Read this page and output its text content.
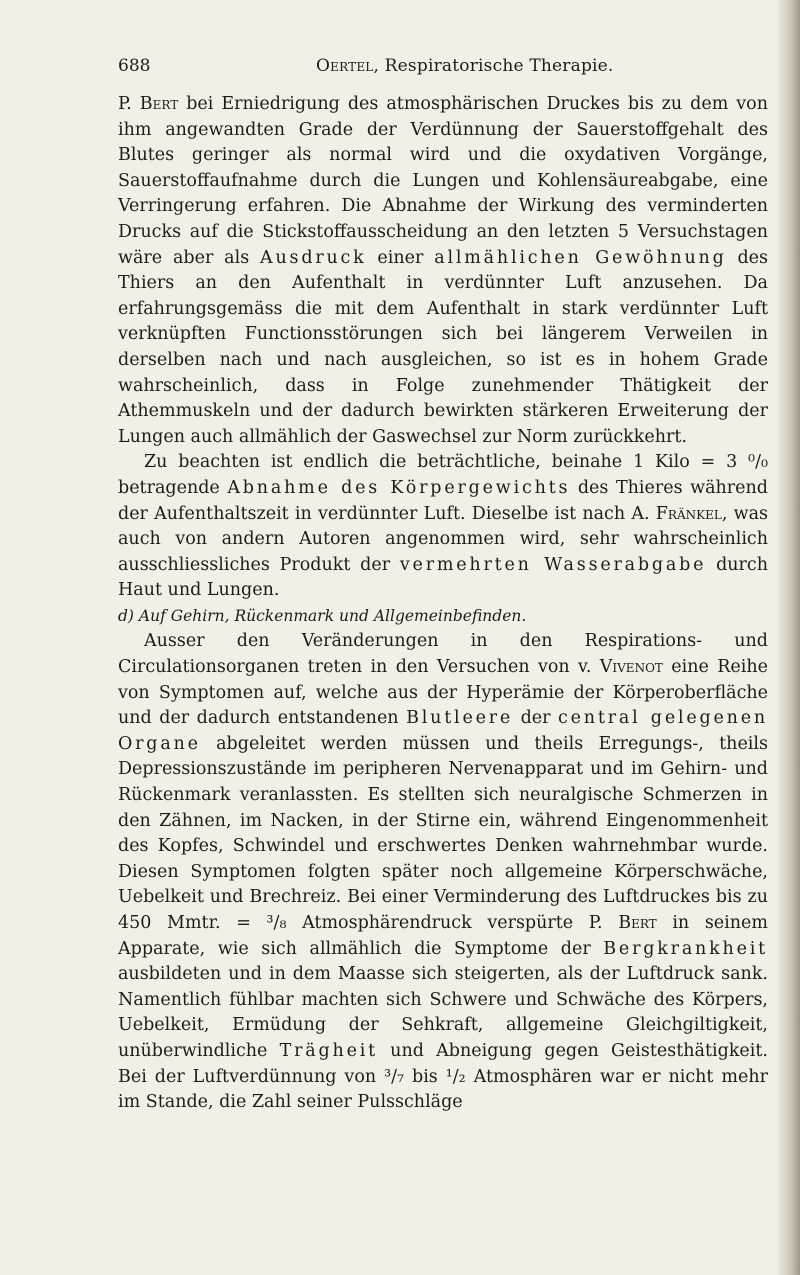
688	Oertel, Respiratorische Therapie.

P. Bert bei Erniedrigung des atmosphärischen Druckes bis zu dem von ihm angewandten Grade der Verdünnung der Sauerstoffgehalt des Blutes geringer als normal wird und die oxydativen Vorgänge, Sauerstoffaufnahme durch die Lungen und Kohlensäureabgabe, eine Verringerung erfahren. Die Abnahme der Wirkung des verminderten Drucks auf die Stickstoffausscheidung an den letzten 5 Versuchstagen wäre aber als Ausdruck einer allmählichen Gewöhnung des Thiers an den Aufenthalt in verdünnter Luft anzusehen. Da erfahrungsgemäss die mit dem Aufenthalt in stark verdünnter Luft verknüpften Functionsstörungen sich bei längerem Verweilen in derselben nach und nach ausgleichen, so ist es in hohem Grade wahrscheinlich, dass in Folge zunehmender Thätigkeit der Athemmuskeln und der dadurch bewirkten stärkeren Erweiterung der Lungen auch allmählich der Gaswechsel zur Norm zurückkehrt.

Zu beachten ist endlich die beträchtliche, beinahe 1 Kilo = 3 ⁰/₀ betragende Abnahme des Körpergewichts des Thieres während der Aufenthaltszeit in verdünnter Luft. Dieselbe ist nach A. Fränkel, was auch von andern Autoren angenommen wird, sehr wahrscheinlich ausschliessliches Produkt der vermehrten Wasserabgabe durch Haut und Lungen.

d) Auf Gehirn, Rückenmark und Allgemeinbefinden.

Ausser den Veränderungen in den Respirations- und Circulationsorganen treten in den Versuchen von v. Vivenot eine Reihe von Symptomen auf, welche aus der Hyperämie der Körperoberfläche und der dadurch entstandenen Blutleere der central gelegenen Organe abgeleitet werden müssen und theils Erregungs-, theils Depressionszustände im peripheren Nervenapparat und im Gehirn- und Rückenmark veranlassten. Es stellten sich neuralgische Schmerzen in den Zähnen, im Nacken, in der Stirne ein, während Eingenommenheit des Kopfes, Schwindel und erschwertes Denken wahrnehmbar wurde. Diesen Symptomen folgten später noch allgemeine Körperschwäche, Uebelkeit und Brechreiz. Bei einer Verminderung des Luftdruckes bis zu 450 Mmtr. = ³/₈ Atmosphärendruck verspürte P. Bert in seinem Apparate, wie sich allmählich die Symptome der Bergkrankheit ausbildeten und in dem Maasse sich steigerten, als der Luftdruck sank. Namentlich fühlbar machten sich Schwere und Schwäche des Körpers, Uebelkeit, Ermüdung der Sehkraft, allgemeine Gleichgiltigkeit, unüberwindliche Trägheit und Abneigung gegen Geistesthätigkeit. Bei der Luftverdünnung von ³/₇ bis ¹/₂ Atmosphären war er nicht mehr im Stande, die Zahl seiner Pulsschläge
